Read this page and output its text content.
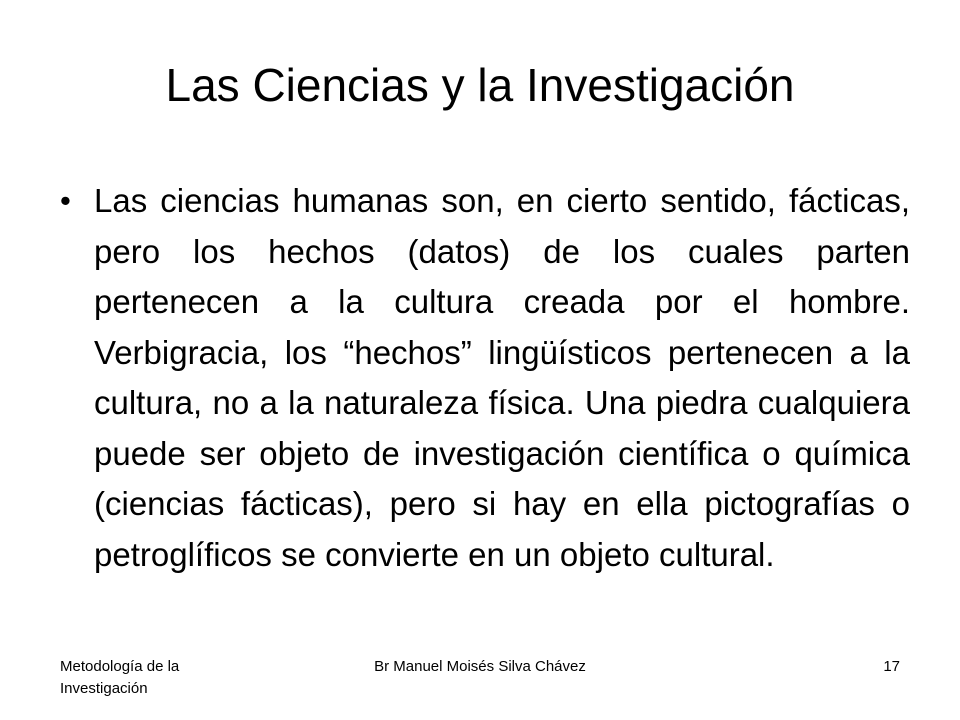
Las Ciencias y la Investigación
• Las ciencias humanas son, en cierto sentido, fácticas, pero los hechos (datos) de los cuales parten pertenecen a la cultura creada por el hombre. Verbigracia, los “hechos” lingüísticos pertenecen a la cultura, no a la naturaleza física. Una piedra cualquiera puede ser objeto de investigación científica o química (ciencias fácticas), pero si hay en ella pictografías o petroglíficos se convierte en un objeto cultural.

Metodología de la Investigación
Br Manuel Moisés Silva Chávez	17
